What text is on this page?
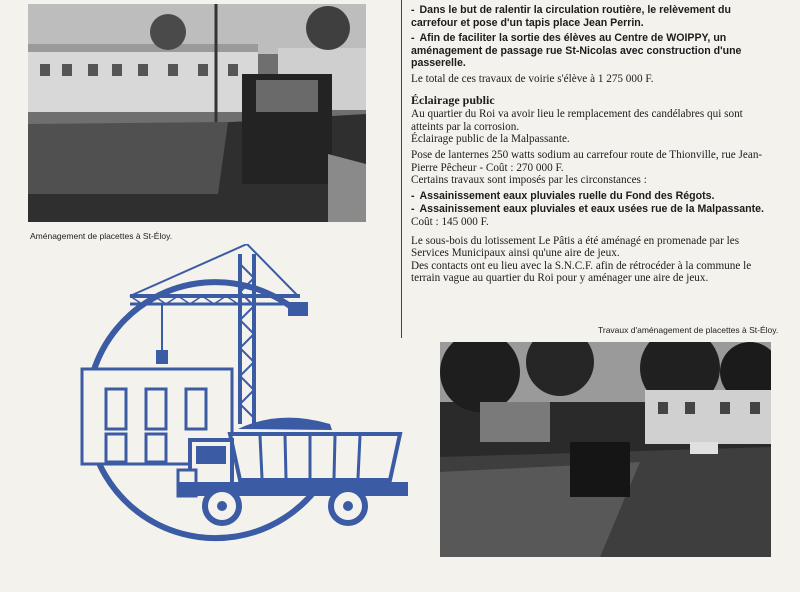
Aménagement de placettes à St-Éloy.

- Dans le but de ralentir la circulation routière, le relèvement du carrefour et pose d'un tapis place Jean Perrin.

- Afin de faciliter la sortie des élèves au Centre de WOIPPY, un aménagement de passage rue St-Nicolas avec construction d'une passerelle.

Le total de ces travaux de voirie s'élève à 1 275 000 F.

Éclairage public

Au quartier du Roi va avoir lieu le remplacement des candélabres qui sont atteints par la corrosion.

Éclairage public de la Malpassante.

Pose de lanternes 250 watts sodium au carrefour route de Thionville, rue Jean-Pierre Pêcheur - Coût : 270 000 F.

Certains travaux sont imposés par les circonstances :

- Assainissement eaux pluviales ruelle du Fond des Régots.

- Assainissement eaux pluviales et eaux usées rue de la Malpassante. Coût : 145 000 F.

Le sous-bois du lotissement Le Pâtis a été aménagé en promenade par les Services Municipaux ainsi qu'une aire de jeux.

Des contacts ont eu lieu avec la S.N.C.F. afin de rétrocéder à la commune le terrain vague au quartier du Roi pour y aménager une aire de jeux.

Travaux d'aménagement de placettes à St-Éloy.
